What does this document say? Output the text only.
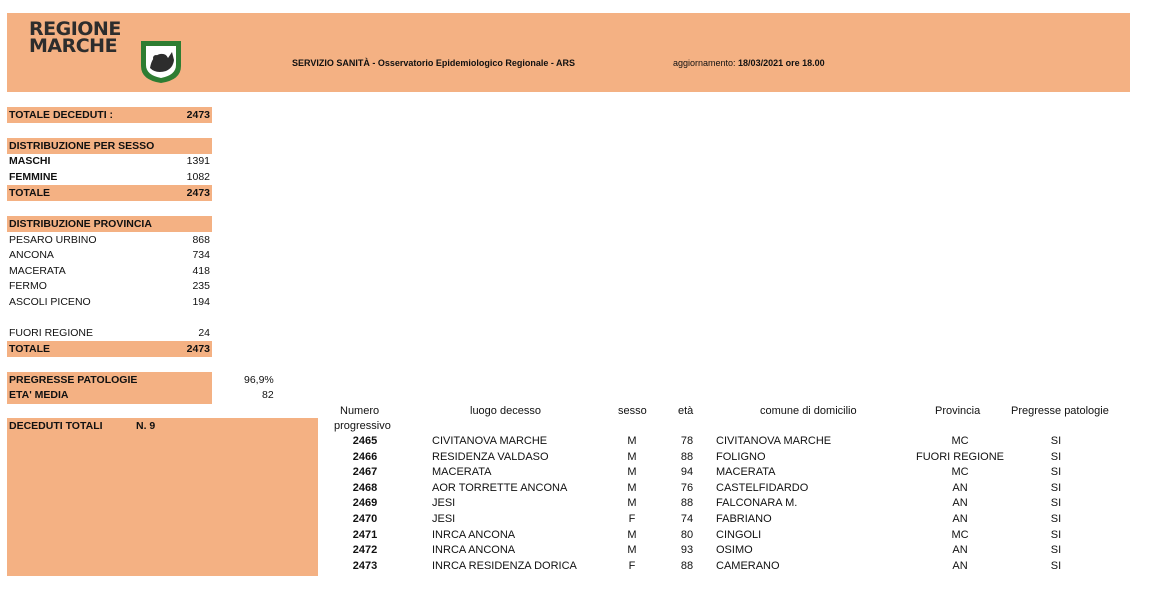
REGIONE
MARCHE
SERVIZIO SANITÀ - Osservatorio Epidemiologico Regionale - ARS	aggiornamento: 18/03/2021 ore 18.00
TOTALE DECEDUTI :	2473
DISTRIBUZIONE PER SESSO
MASCHI	1391
FEMMINE	1082
TOTALE	2473
DISTRIBUZIONE PROVINCIA
PESARO URBINO	868
ANCONA	734
MACERATA	418
FERMO	235
ASCOLI PICENO	194
FUORI REGIONE	24
TOTALE	2473
PREGRESSE PATOLOGIE	96,9%
ETA' MEDIA	82
DECEDUTI TOTALI	N. 9
Numero
progressivo
luogo decesso	sesso	età	comune di domicilio	Provincia	Pregresse patologie
2465	CIVITANOVA MARCHE	M	78	CIVITANOVA MARCHE	MC	SI
2466	RESIDENZA VALDASO	M	88	FOLIGNO	FUORI REGIONE	SI
2467	MACERATA	M	94	MACERATA	MC	SI
2468	AOR TORRETTE ANCONA	M	76	CASTELFIDARDO	AN	SI
2469	JESI	M	88	FALCONARA M.	AN	SI
2470	JESI	F	74	FABRIANO	AN	SI
2471	INRCA ANCONA	M	80	CINGOLI	MC	SI
2472	INRCA ANCONA	M	93	OSIMO	AN	SI
2473	INRCA RESIDENZA DORICA	F	88	CAMERANO	AN	SI
